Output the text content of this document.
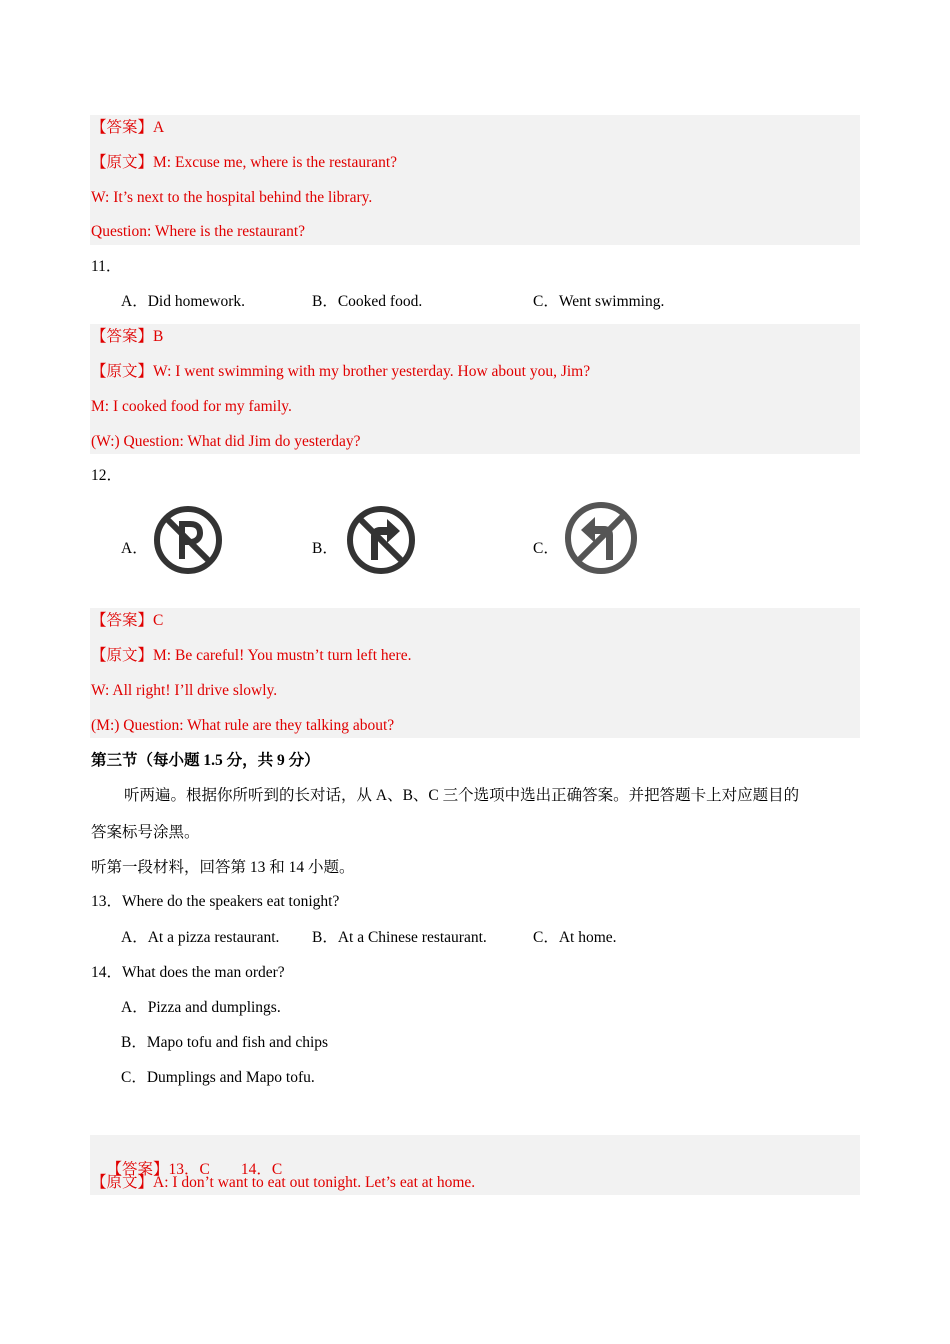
【答案】A
【原文】M: Excuse me, where is the restaurant?
W: It’s next to the hospital behind the library.
Question: Where is the restaurant?
11．
A．Did homework.	B．Cooked food.	C．Went swimming.
【答案】B
【原文】W: I went swimming with my brother yesterday. How about you, Jim?
M: I cooked food for my family.
(W:) Question: What did Jim do yesterday?
12．
A．	B．	C．
【答案】C
【原文】M: Be careful! You mustn’t turn left here.
W: All right! I’ll drive slowly.
(M:) Question: What rule are they talking about?
第三节（每小题 1.5 分，共 9 分）
听两遍。根据你所听到的长对话，从 A、B、C 三个选项中选出正确答案。并把答题卡上对应题目的
答案标号涂黑。
听第一段材料，回答第 13 和 14 小题。
13．Where do the speakers eat tonight?
A．At a pizza restaurant. B．At a Chinese restaurant.	C．At home.
14．What does the man order?
A．Pizza and dumplings.
B．Mapo tofu and fish and chips
C．Dumplings and Mapo tofu.

【答案】13．C        14．C

【原文】A: I don’t want to eat out tonight. Let’s eat at home.
